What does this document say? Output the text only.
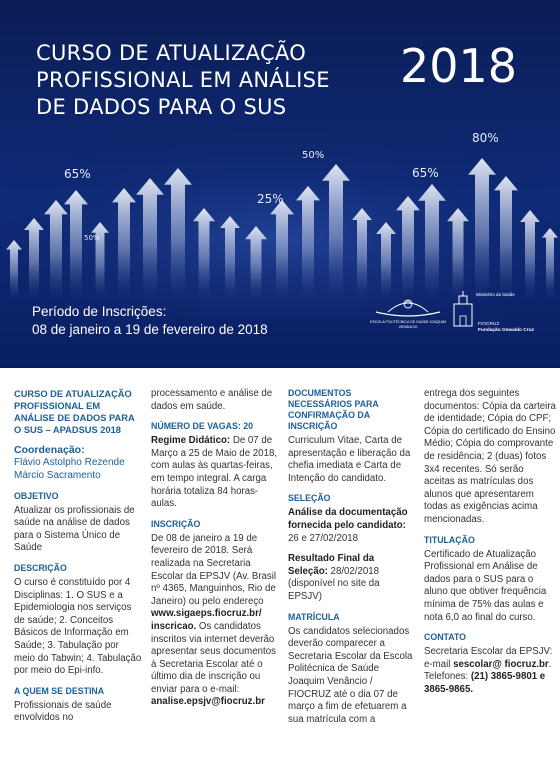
CURSO DE ATUALIZAÇÃO PROFISSIONAL EM ANÁLISE DE DADOS PARA O SUS
2018
65%
50%
25%
50%
65%
80%
Período de Inscrições:
08 de janeiro a 19 de fevereiro de 2018	ESCOLA POLITÉCNICA DE SAÚDE JOAQUIM VENÂNCIO
Ministério da Saúde
FIOCRUZ
Fundação Oswaldo Cruz
CURSO DE ATUALIZAÇÃO PROFISSIONAL EM ANÁLISE DE DADOS PARA O SUS – APADSUS 2018
Coordenação:
Flávio Astolpho Rezende
Márcio Sacramento
OBJETIVO
Atualizar os profissionais de saúde na análise de dados para o Sistema Único de Saúde
DESCRIÇÃO
O curso é constituído por 4 Disciplinas: 1. O SUS e a Epidemiologia nos serviços de saúde; 2. Conceitos Básicos de Informação em Saúde; 3. Tabulação por meio do Tabwin; 4. Tabulação por meio do Epi-info.
A QUEM SE DESTINA
Profissionais de saúde envolvidos no
processamento e análise de dados em saúde.
NÚMERO DE VAGAS: 20
Regime Didático: De 07 de Março a 25 de Maio de 2018, com aulas às quartas-feiras, em tempo integral. A carga horária totaliza 84 horas-aulas.
INSCRIÇÃO
De 08 de janeiro a 19 de fevereiro de 2018. Será realizada na Secretaria Escolar da EPSJV (Av. Brasil nº 4365, Manguinhos, Rio de Janeiro) ou pelo endereço www.sigaeps.fiocruz.br/ inscricao. Os candidatos inscritos via internet deverão apresentar seus documentos à Secretaria Escolar até o último dia de inscrição ou enviar para o e-mail:
analise.epsjv@fiocruz.br
DOCUMENTOS NECESSÁRIOS PARA CONFIRMAÇÃO DA INSCRIÇÃO
Curriculum Vitae, Carta de apresentação e liberação da chefia imediata e Carta de Intenção do candidato.
SELEÇÃO
Análise da documentação fornecida pelo candidato: 26 e 27/02/2018
Resultado Final da Seleção: 28/02/2018 (disponível no site da EPSJV)
MATRÍCULA
Os candidatos selecionados deverão comparecer a Secretaria Escolar da Escola Politécnica de Saúde Joaquim Venâncio / FIOCRUZ até o dia 07 de março a fim de efetuarem a sua matrícula com a
entrega dos seguintes documentos: Cópia da carteira de identidade; Cópia do CPF; Cópia do certificado do Ensino Médio; Cópia do comprovante de residência; 2 (duas) fotos 3x4 recentes. Só serão aceitas as matrículas dos alunos que apresentarem todas as exigências acima mencionadas.
TITULAÇÃO
Certificado de Atualização Profissional em Análise de dados para o SUS para o aluno que obtiver frequência mínima de 75% das aulas e nota 6,0 ao final do curso.
CONTATO
Secretaria Escolar da EPSJV: e-mail sescolar@ fiocruz.br. Telefones: (21) 3865-9801 e 3865-9865.
